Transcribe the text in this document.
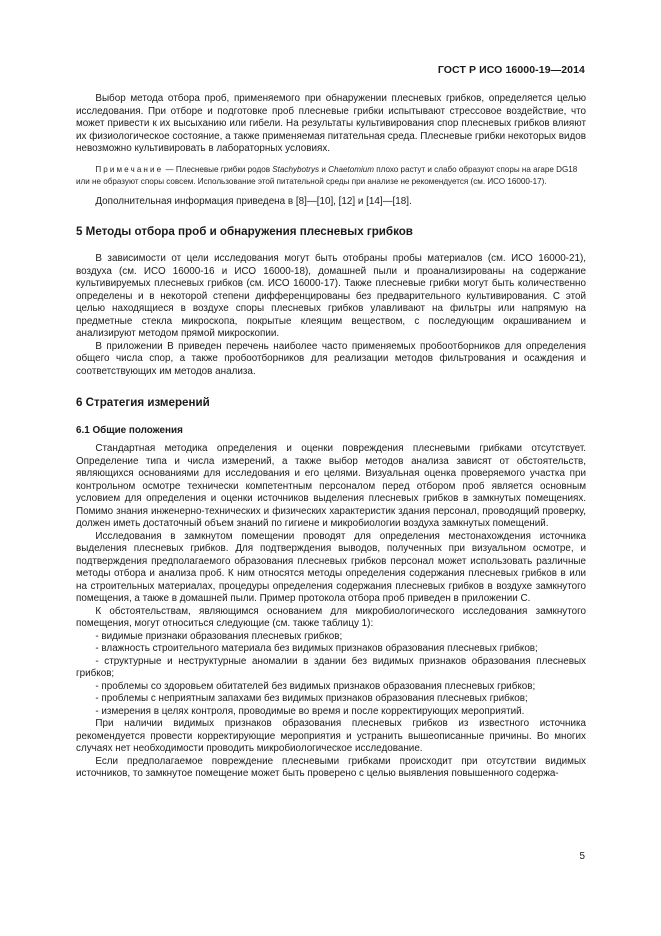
ГОСТ Р ИСО 16000-19—2014

Выбор метода отбора проб, применяемого при обнаружении плесневых грибков, определяется целью исследования. При отборе и подготовке проб плесневые грибки испытывают стрессовое воздействие, что может привести к их высыханию или гибели. На результаты культивирования спор плесневых грибков влияют их физиологическое состояние, а также применяемая питательная среда. Плесневые грибки некоторых видов невозможно культивировать в лабораторных условиях.

Примечание — Плесневые грибки родов Stachybotrys и Chaetomium плохо растут и слабо образуют споры на агаре DG18 или не образуют споры совсем. Использование этой питательной среды при анализе не рекомендуется (см. ИСО 16000-17).

Дополнительная информация приведена в [8]—[10], [12] и [14]—[18].

5 Методы отбора проб и обнаружения плесневых грибков

В зависимости от цели исследования могут быть отобраны пробы материалов (см. ИСО 16000-21), воздуха (см. ИСО 16000-16 и ИСО 16000-18), домашней пыли и проанализированы на содержание культивируемых плесневых грибков (см. ИСО 16000-17). Также плесневые грибки могут быть количественно определены и в некоторой степени дифференцированы без предварительного культивирования. С этой целью находящиеся в воздухе споры плесневых грибков улавливают на фильтры или напрямую на предметные стекла микроскопа, покрытые клеящим веществом, с последующим окрашиванием и анализируют методом прямой микроскопии.

В приложении В приведен перечень наиболее часто применяемых пробоотборников для определения общего числа спор, а также пробоотборников для реализации методов фильтрования и осаждения и соответствующих им методов анализа.

6 Стратегия измерений
6.1 Общие положения

Стандартная методика определения и оценки повреждения плесневыми грибками отсутствует. Определение типа и числа измерений, а также выбор методов анализа зависят от обстоятельств, являющихся основаниями для исследования и его целями. Визуальная оценка проверяемого участка при контрольном осмотре технически компетентным персоналом перед отбором проб является основным условием для определения и оценки источников выделения плесневых грибков в замкнутых помещениях. Помимо знания инженерно-технических и физических характеристик здания персонал, проводящий проверку, должен иметь достаточный объем знаний по гигиене и микробиологии воздуха замкнутых помещений.

Исследования в замкнутом помещении проводят для определения местонахождения источника выделения плесневых грибков. Для подтверждения выводов, полученных при визуальном осмотре, и подтверждения предполагаемого образования плесневых грибков персонал может использовать различные методы отбора и анализа проб. К ним относятся методы определения содержания плесневых грибков в или на строительных материалах, процедуры определения содержания плесневых грибков в воздухе замкнутого помещения, а также в домашней пыли. Пример протокола отбора проб приведен в приложении С.

К обстоятельствам, являющимся основанием для микробиологического исследования замкнутого помещения, могут относиться следующие (см. также таблицу 1):

- видимые признаки образования плесневых грибков;
- влажность строительного материала без видимых признаков образования плесневых грибков;
- структурные и неструктурные аномалии в здании без видимых признаков образования плесневых грибков;
- проблемы со здоровьем обитателей без видимых признаков образования плесневых грибков;
- проблемы с неприятным запахами без видимых признаков образования плесневых грибков;
- измерения в целях контроля, проводимые во время и после корректирующих мероприятий.

При наличии видимых признаков образования плесневых грибков из известного источника рекомендуется провести корректирующие мероприятия и устранить вышеописанные причины. Во многих случаях нет необходимости проводить микробиологическое исследование.

Если предполагаемое повреждение плесневыми грибками происходит при отсутствии видимых источников, то замкнутое помещение может быть проверено с целью выявления повышенного содержа-

5
